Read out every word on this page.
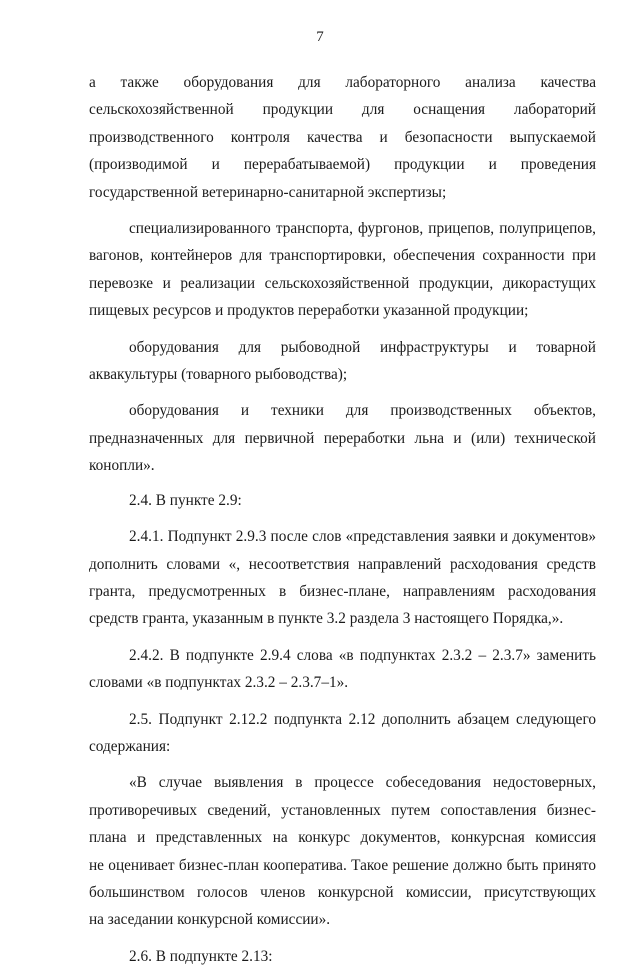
7

а также оборудования для лабораторного анализа качества
сельскохозяйственной продукции для оснащения лабораторий
производственного контроля качества и безопасности выпускаемой
(производимой и перерабатываемой) продукции и проведения
государственной ветеринарно-санитарной экспертизы;

специализированного транспорта, фургонов, прицепов, полуприцепов,
вагонов, контейнеров для транспортировки, обеспечения сохранности при
перевозке и реализации сельскохозяйственной продукции, дикорастущих
пищевых ресурсов и продуктов переработки указанной продукции;

оборудования для рыбоводной инфраструктуры и товарной
аквакультуры (товарного рыбоводства);

оборудования и техники для производственных объектов,
предназначенных для первичной переработки льна и (или) технической
конопли».

2.4. В пункте 2.9:

2.4.1. Подпункт 2.9.3 после слов «представления заявки и документов»
дополнить словами «, несоответствия направлений расходования средств
гранта, предусмотренных в бизнес-плане, направлениям расходования
средств гранта, указанным в пункте 3.2 раздела 3 настоящего Порядка,».

2.4.2. В подпункте 2.9.4 слова «в подпунктах 2.3.2 – 2.3.7» заменить
словами «в подпунктах 2.3.2 – 2.3.7–1».

2.5. Подпункт 2.12.2 подпункта 2.12 дополнить абзацем следующего
содержания:

«В случае выявления в процессе собеседования недостоверных,
противоречивых сведений, установленных путем сопоставления бизнес-
плана и представленных на конкурс документов, конкурсная комиссия
не оценивает бизнес-план кооператива. Такое решение должно быть принято
большинством голосов членов конкурсной комиссии, присутствующих
на заседании конкурсной комиссии».

2.6. В подпункте 2.13:
